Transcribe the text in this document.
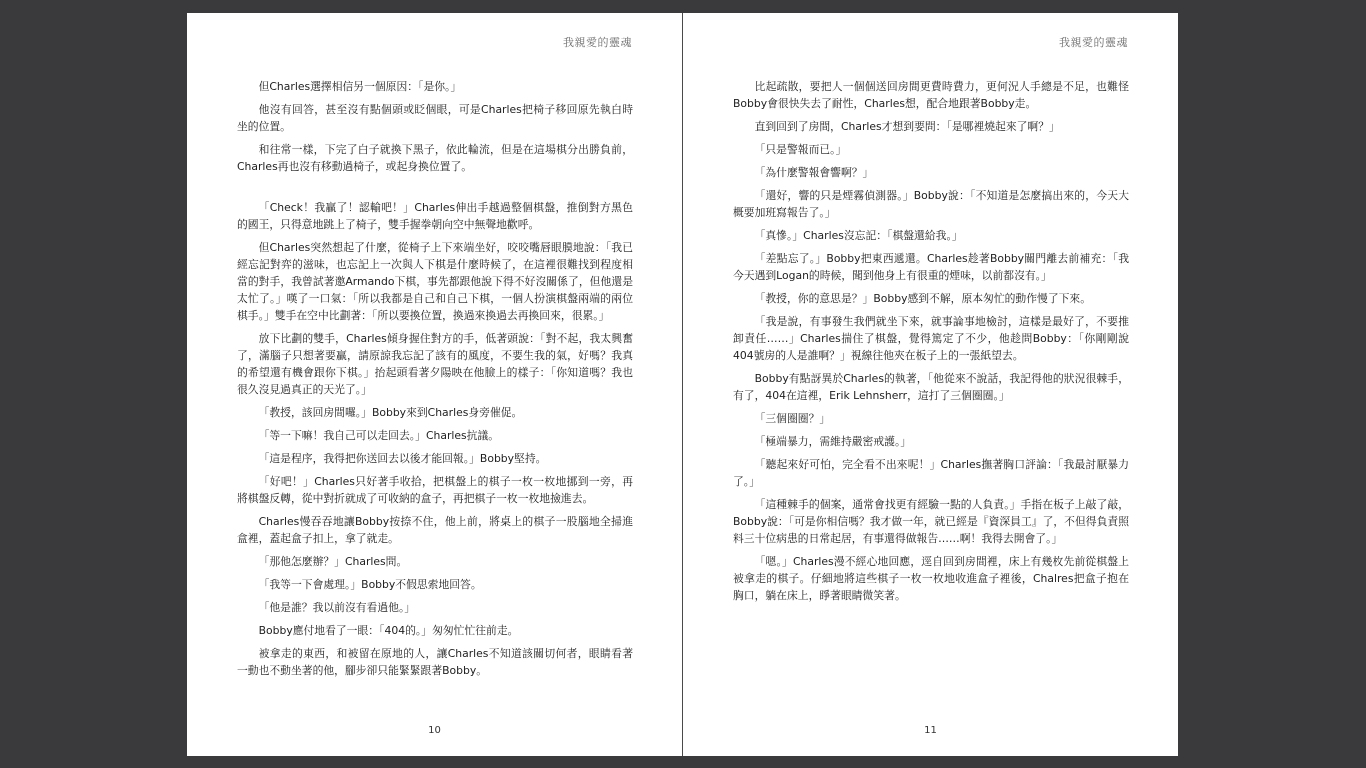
我親愛的靈魂

但Charles選擇相信另一個原因：「是你。」

他沒有回答，甚至沒有點個頭或眨個眼，可是Charles把椅子移回原先執白時坐的位置。

和往常一樣，下完了白子就換下黑子，依此輪流，但是在這場棋分出勝負前，Charles再也沒有移動過椅子，或起身換位置了。

「Check！我贏了！認輸吧！」Charles伸出手越過整個棋盤，推倒對方黑色的國王，只得意地跳上了椅子，雙手握拳朝向空中無聲地歡呼。

但Charles突然想起了什麼，從椅子上下來端坐好，咬咬嘴唇眼膜地說：「我已經忘記對弈的滋味，也忘記上一次與人下棋是什麼時候了，在這裡很難找到程度相當的對手，我曾試著邀Armando下棋，事先都跟他說下得不好沒關係了，但他還是太忙了。」嘆了一口氣：「所以我都是自己和自己下棋，一個人扮演棋盤兩端的兩位棋手。」雙手在空中比劃著：「所以要換位置，換過來換過去再換回來，很累。」

放下比劃的雙手，Charles傾身握住對方的手，低著頭說：「對不起，我太興奮了，滿腦子只想著要贏，請原諒我忘記了該有的風度，不要生我的氣，好嗎？我真的希望還有機會跟你下棋。」抬起頭看著夕陽映在他臉上的樣子：「你知道嗎？我也很久沒見過真正的天光了。」

「教授，該回房間囉。」Bobby來到Charles身旁催促。

「等一下嘛！我自己可以走回去。」Charles抗議。

「這是程序，我得把你送回去以後才能回報。」Bobby堅持。

「好吧！」Charles只好著手收拾，把棋盤上的棋子一枚一枚地挪到一旁，再將棋盤反轉，從中對折就成了可收納的盒子，再把棋子一枚一枚地撿進去。

Charles慢吞吞地讓Bobby按捺不住，他上前，將桌上的棋子一股腦地全掃進盒裡，蓋起盒子扣上，拿了就走。

「那他怎麼辦？」Charles問。

「我等一下會處理。」Bobby不假思索地回答。

「他是誰？我以前沒有看過他。」

Bobby應付地看了一眼：「404的。」匆匆忙忙往前走。

被拿走的東西，和被留在原地的人，讓Charles不知道該關切何者，眼睛看著一動也不動坐著的他，腳步卻只能緊緊跟著Bobby。

10
我親愛的靈魂

比起疏散，要把人一個個送回房間更費時費力，更何況人手總是不足，也難怪Bobby會很快失去了耐性，Charles想，配合地跟著Bobby走。

直到回到了房間，Charles才想到要問：「是哪裡燒起來了啊？」

「只是警報而已。」

「為什麼警報會響啊？」

「還好，響的只是煙霧偵測器。」Bobby說：「不知道是怎麼搞出來的，今天大概要加班寫報告了。」

「真慘。」Charles沒忘記：「棋盤還給我。」

「差點忘了。」Bobby把東西遞還。Charles趁著Bobby關門離去前補充：「我今天遇到Logan的時候，聞到他身上有很重的煙味，以前都沒有。」

「教授，你的意思是？」Bobby感到不解，原本匆忙的動作慢了下來。

「我是說，有事發生我們就坐下來，就事論事地檢討，這樣是最好了，不要推卸責任……」Charles揣住了棋盤，覺得篤定了不少，他趁問Bobby：「你剛剛說404號房的人是誰啊？」視線往他夾在板子上的一張紙望去。

Bobby有點訝異於Charles的執著，「他從來不說話，我記得他的狀況很棘手，有了，404在這裡，Erik Lehnsherr，這打了三個圈圈。」

「三個圈圈？」

「極端暴力，需維持嚴密戒護。」

「聽起來好可怕，完全看不出來呢！」Charles撫著胸口評論：「我最討厭暴力了。」

「這種棘手的個案，通常會找更有經驗一點的人負責。」手指在板子上敲了敲，Bobby說：「可是你相信嗎？我才做一年，就已經是『資深員工』了，不但得負責照料三十位病患的日常起居，有事還得做報告……啊！我得去開會了。」

「嗯。」Charles漫不經心地回應，逕自回到房間裡，床上有幾枚先前從棋盤上被拿走的棋子。仔細地將這些棋子一枚一枚地收進盒子裡後，Chalres把盒子抱在胸口，躺在床上，睜著眼睛微笑著。

11
